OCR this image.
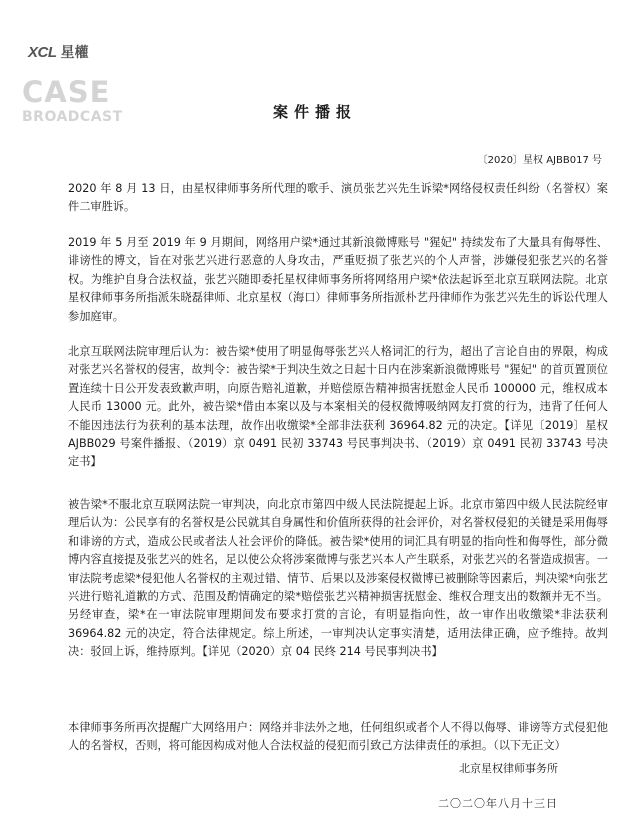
XCL 星權
CASE
BROADCAST	案件播报
〔2020〕星权 AJBB017 号

2020 年 8 月 13 日，由星权律师事务所代理的歌手、演员张艺兴先生诉梁*网络侵权责任纠纷（名誉权）案件二审胜诉。

2019 年 5 月至 2019 年 9 月期间，网络用户梁*通过其新浪微博账号 "猩妃" 持续发布了大量具有侮辱性、诽谤性的博文，旨在对张艺兴进行恶意的人身攻击，严重贬损了张艺兴的个人声誉，涉嫌侵犯张艺兴的名誉权。为维护自身合法权益，张艺兴随即委托星权律师事务所将网络用户梁*依法起诉至北京互联网法院。北京星权律师事务所指派朱晓磊律师、北京星权（海口）律师事务所指派朴艺丹律师作为张艺兴先生的诉讼代理人参加庭审。

北京互联网法院审理后认为：被告梁*使用了明显侮辱张艺兴人格词汇的行为，超出了言论自由的界限，构成对张艺兴名誉权的侵害，故判令：被告梁*于判决生效之日起十日内在涉案新浪微博账号 "猩妃" 的首页置顶位置连续十日公开发表致歉声明，向原告赔礼道歉，并赔偿原告精神损害抚慰金人民币 100000 元，维权成本人民币 13000 元。此外，被告梁*借由本案以及与本案相关的侵权微博吸纳网友打赏的行为，违背了任何人不能因违法行为获利的基本法理，故作出收缴梁*全部非法获利 36964.82 元的决定。【详见〔2019〕星权 AJBB029 号案件播报、（2019）京 0491 民初 33743 号民事判决书、（2019）京 0491 民初 33743 号决定书】

被告梁*不服北京互联网法院一审判决，向北京市第四中级人民法院提起上诉。北京市第四中级人民法院经审理后认为：公民享有的名誉权是公民就其自身属性和价值所获得的社会评价，对名誉权侵犯的关键是采用侮辱和诽谤的方式，造成公民或者法人社会评价的降低。被告梁*使用的词汇具有明显的指向性和侮辱性，部分微博内容直接提及张艺兴的姓名，足以使公众将涉案微博与张艺兴本人产生联系，对张艺兴的名誉造成损害。一审法院考虑梁*侵犯他人名誉权的主观过错、情节、后果以及涉案侵权微博已被删除等因素后，判决梁*向张艺兴进行赔礼道歉的方式、范围及酌情确定的梁*赔偿张艺兴精神损害抚慰金、维权合理支出的数额并无不当。另经审查，梁*在一审法院审理期间发布要求打赏的言论，有明显指向性，故一审作出收缴梁*非法获利 36964.82 元的决定，符合法律规定。综上所述，一审判决认定事实清楚，适用法律正确，应予维持。故判决：驳回上诉，维持原判。【详见（2020）京 04 民终 214 号民事判决书】

本律师事务所再次提醒广大网络用户：网络并非法外之地，任何组织或者个人不得以侮辱、诽谤等方式侵犯他人的名誉权，否则，将可能因构成对他人合法权益的侵犯而引致己方法律责任的承担。（以下无正文）

北京星权律师事务所
二〇二〇年八月十三日
